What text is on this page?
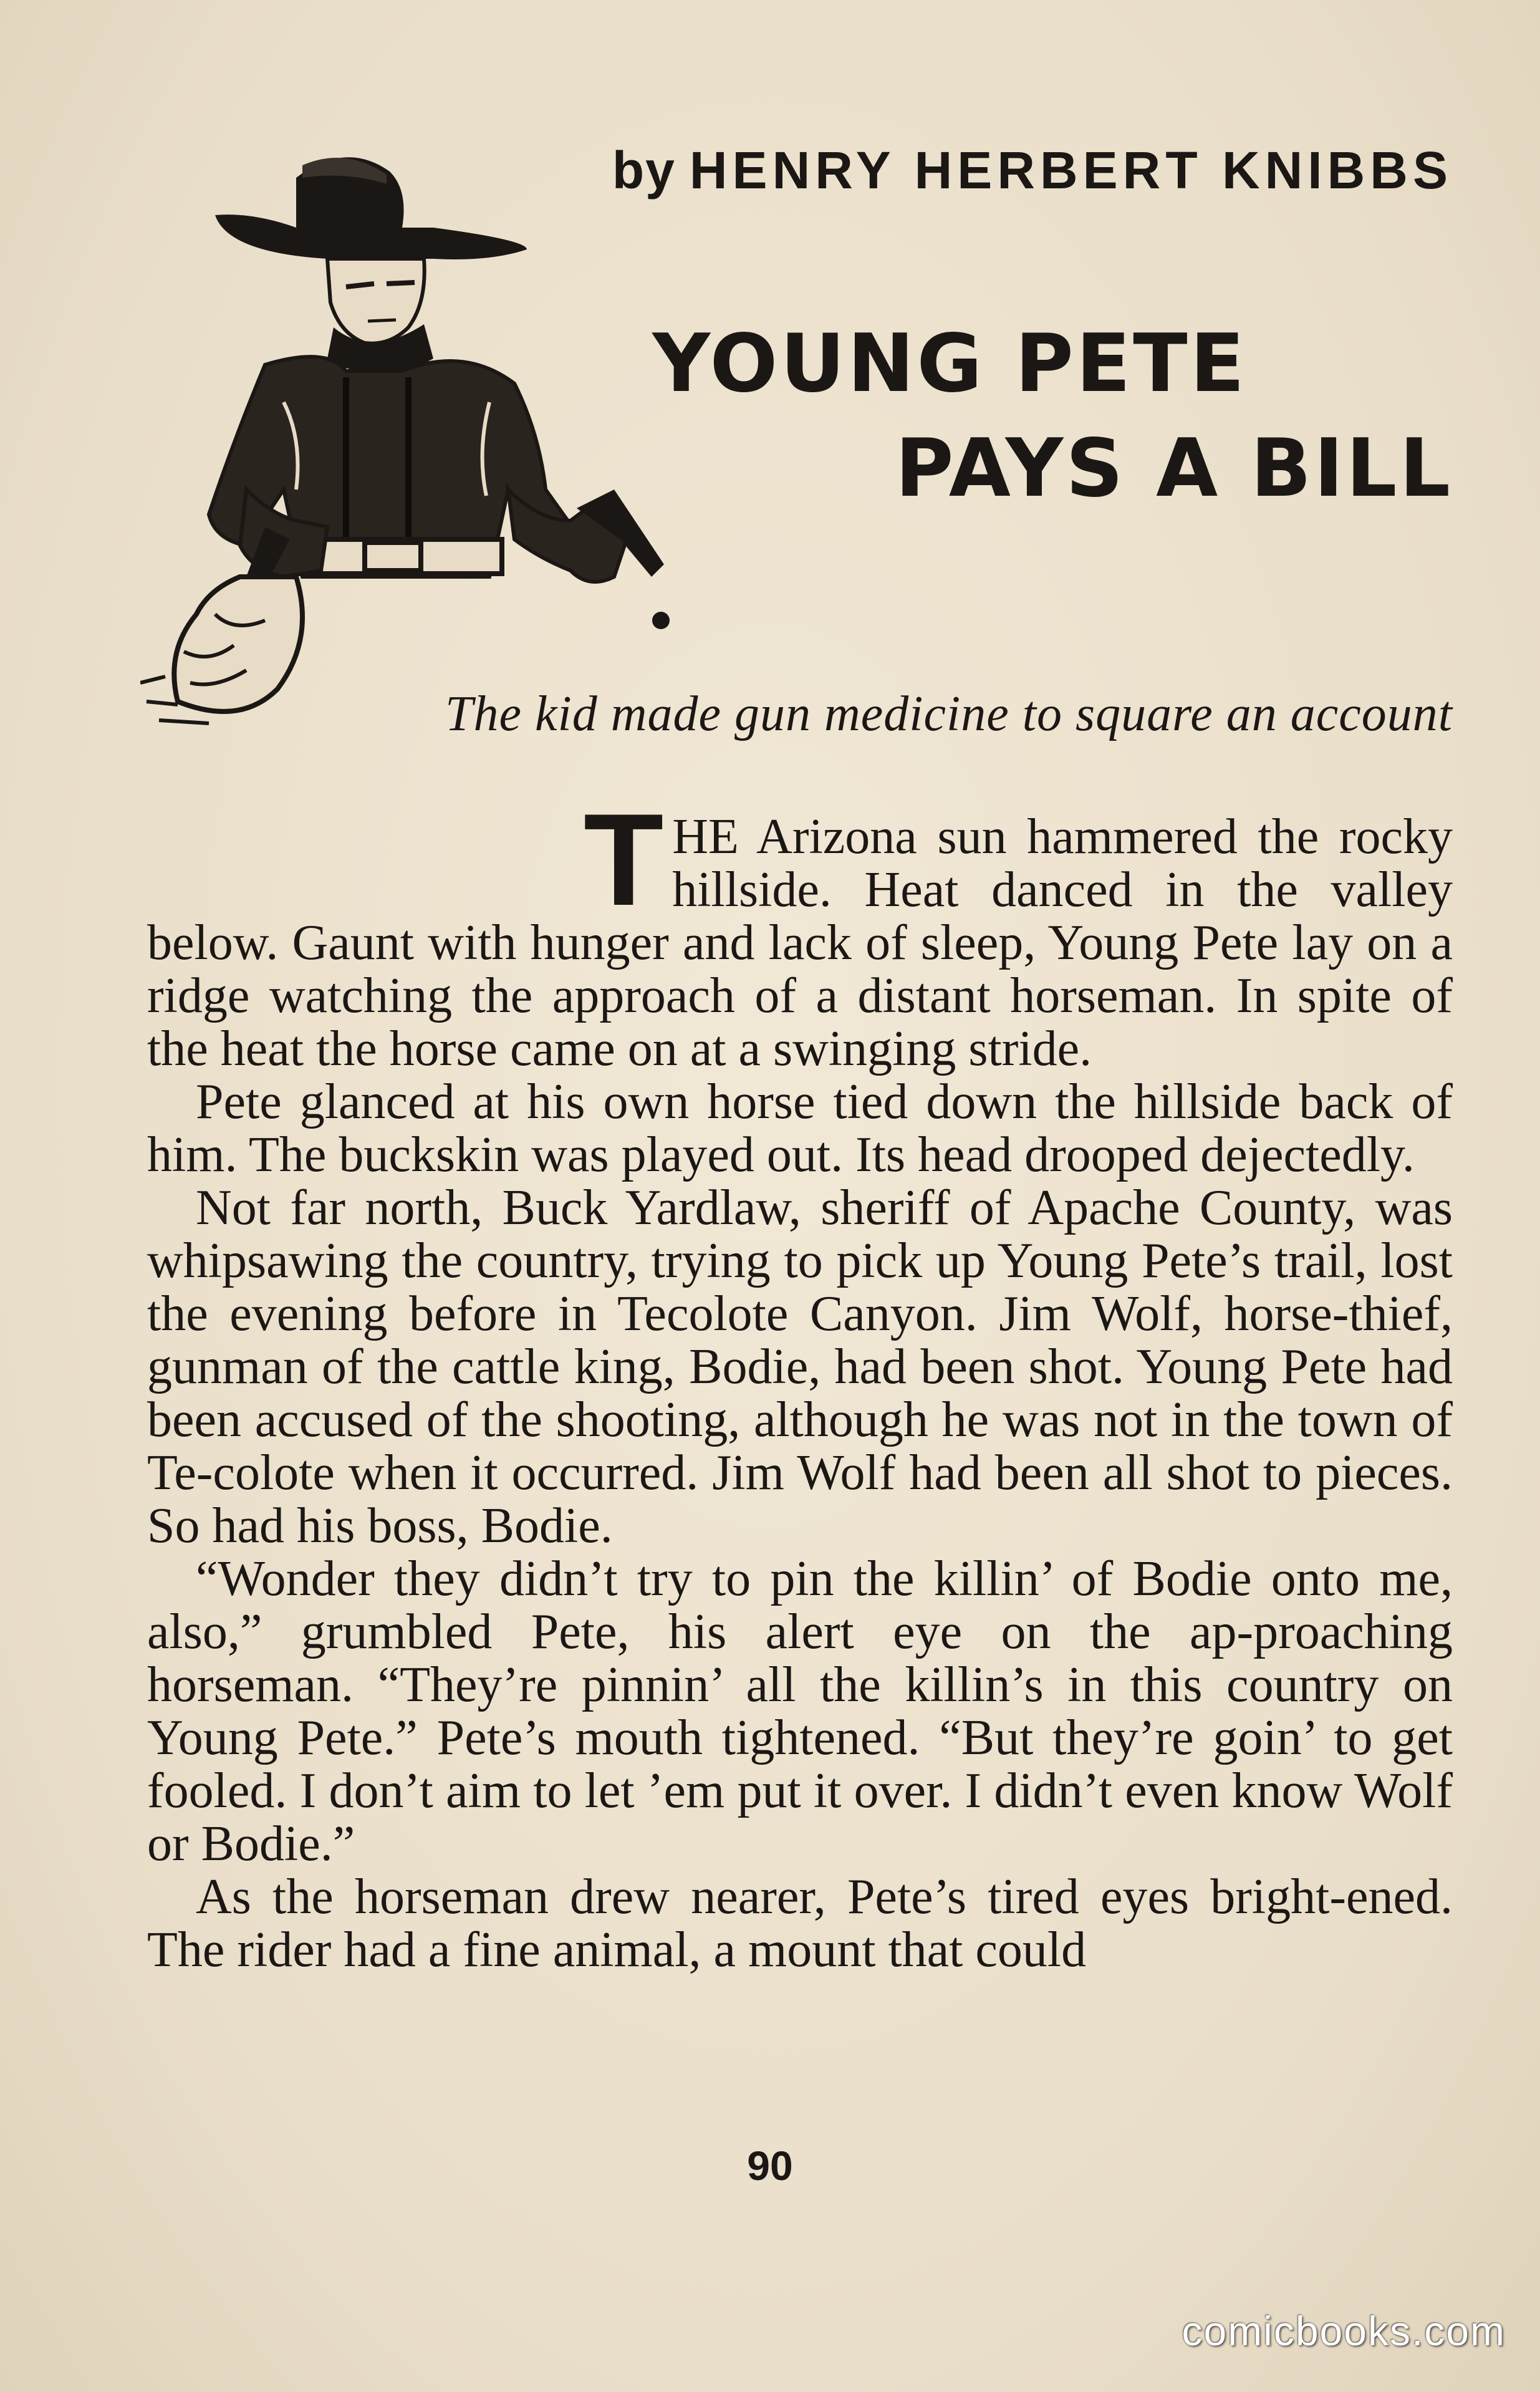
by HENRY HERBERT KNIBBS
YOUNG PETE
PAYS A BILL
The kid made gun medicine to square an account

THE Arizona sun hammered the rocky hillside. Heat danced in the valley below. Gaunt with hunger and lack of sleep, Young Pete lay on a ridge watching the approach of a distant horseman. In spite of the heat the horse came on at a swinging stride.

Pete glanced at his own horse tied down the hillside back of him. The buckskin was played out. Its head drooped dejectedly.

Not far north, Buck Yardlaw, sheriff of Apache County, was whipsawing the country, trying to pick up Young Pete’s trail, lost the evening before in Tecolote Canyon. Jim Wolf, horse-thief, gunman of the cattle king, Bodie, had been shot. Young Pete had been accused of the shooting, although he was not in the town of Te-colote when it occurred. Jim Wolf had been all shot to pieces. So had his boss, Bodie.

“Wonder they didn’t try to pin the killin’ of Bodie onto me, also,” grumbled Pete, his alert eye on the ap-proaching horseman. “They’re pinnin’ all the killin’s in this country on Young Pete.” Pete’s mouth tightened. “But they’re goin’ to get fooled. I don’t aim to let ’em put it over. I didn’t even know Wolf or Bodie.”

As the horseman drew nearer, Pete’s tired eyes bright-ened. The rider had a fine animal, a mount that could

90
comicbooks.com
